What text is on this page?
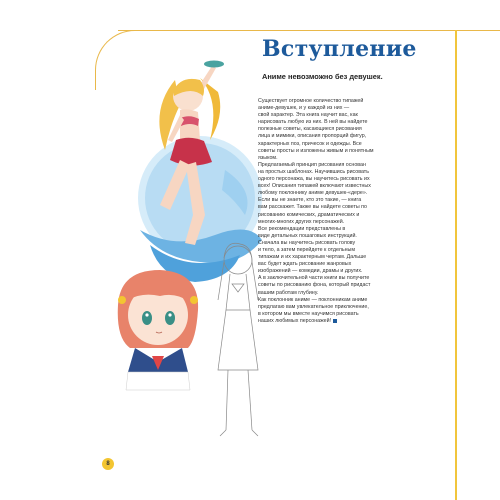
Вступление
Аниме невозможно без девушек.
Существует огромное количество типажей
аниме-девушек, и у каждой из них —
свой характер. Эта книга научит вас, как
нарисовать любую из них. В ней вы найдете
полезные советы, касающиеся рисования
лица и мимики, описания пропорций фигур,
характерных поз, причесок и одежды. Все
советы просты и изложены живым и понятным
языком.
Предлагаемый принцип рисования основан
на простых шаблонах. Научившись рисовать
одного персонажа, вы научитесь рисовать их
всех! Описания типажей включают известных
любому поклоннику аниме девушек-«дере».
Если вы не знаете, кто это такие, — книга
вам расскажет. Также вы найдете советы по
рисованию комических, драматических и
многих-многих других персонажей.
Все рекомендации представлены в
виде детальных пошаговых инструкций.
Сначала вы научитесь рисовать голову
и тело, а затем перейдете к отдельным
типажам и их характерным чертам. Дальше
вас будет ждать рисование жанровых
изображений — комедии, драмы и других.
А в заключительной части книги вы получите
советы по рисованию фона, который придаст
вашим работам глубину.
Как поклонник аниме — поклонникам аниме
предлагаю вам увлекательное приключение,
в котором мы вместе научимся рисовать
наших любимых персонажей!
8
